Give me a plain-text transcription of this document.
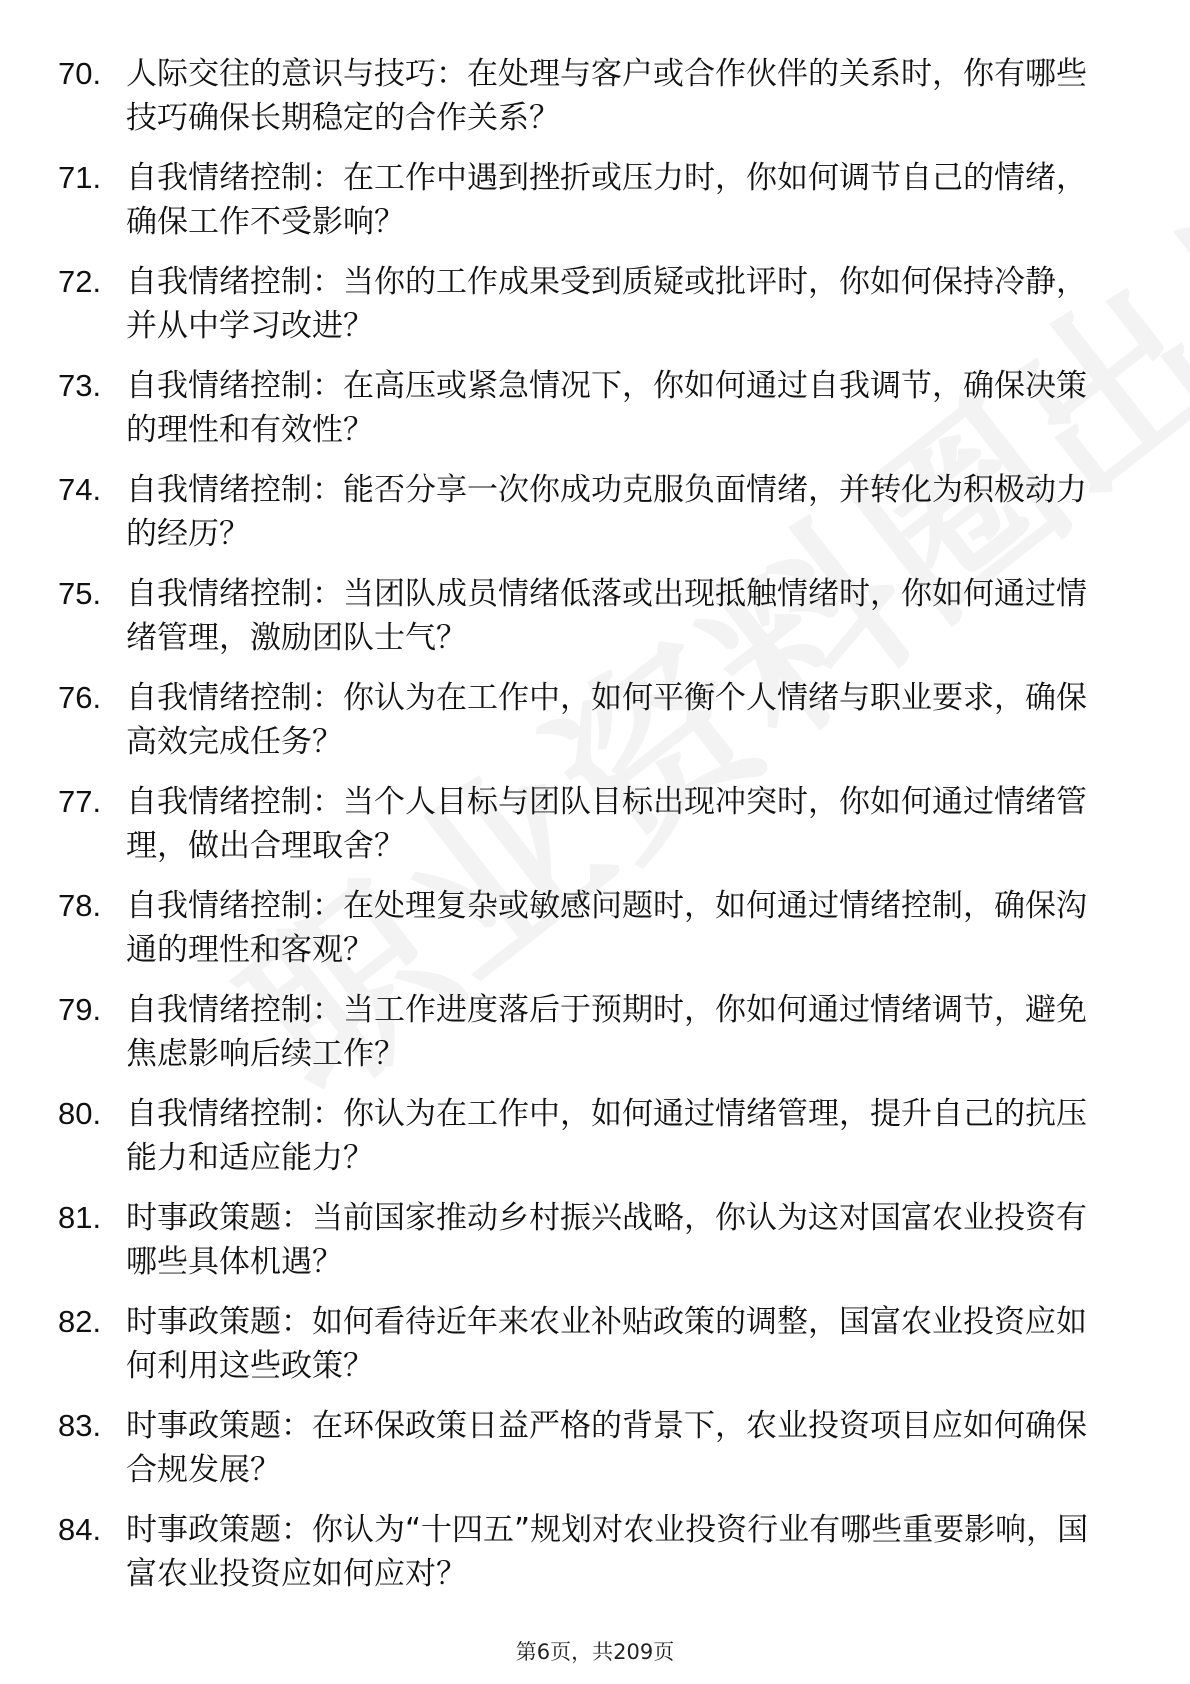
70. 人际交往的意识与技巧：在处理与客户或合作伙伴的关系时，你有哪些技巧确保长期稳定的合作关系？
71. 自我情绪控制：在工作中遇到挫折或压力时，你如何调节自己的情绪，确保工作不受影响？
72. 自我情绪控制：当你的工作成果受到质疑或批评时，你如何保持冷静，并从中学习改进？
73. 自我情绪控制：在高压或紧急情况下，你如何通过自我调节，确保决策的理性和有效性？
74. 自我情绪控制：能否分享一次你成功克服负面情绪，并转化为积极动力的经历？
75. 自我情绪控制：当团队成员情绪低落或出现抵触情绪时，你如何通过情绪管理，激励团队士气？
76. 自我情绪控制：你认为在工作中，如何平衡个人情绪与职业要求，确保高效完成任务？
77. 自我情绪控制：当个人目标与团队目标出现冲突时，你如何通过情绪管理，做出合理取舍？
78. 自我情绪控制：在处理复杂或敏感问题时，如何通过情绪控制，确保沟通的理性和客观？
79. 自我情绪控制：当工作进度落后于预期时，你如何通过情绪调节，避免焦虑影响后续工作？
80. 自我情绪控制：你认为在工作中，如何通过情绪管理，提升自己的抗压能力和适应能力？
81. 时事政策题：当前国家推动乡村振兴战略，你认为这对国富农业投资有哪些具体机遇？
82. 时事政策题：如何看待近年来农业补贴政策的调整，国富农业投资应如何利用这些政策？
83. 时事政策题：在环保政策日益严格的背景下，农业投资项目应如何确保合规发展？
84. 时事政策题：你认为“十四五”规划对农业投资行业有哪些重要影响，国富农业投资应如何应对？
第6页，共209页
